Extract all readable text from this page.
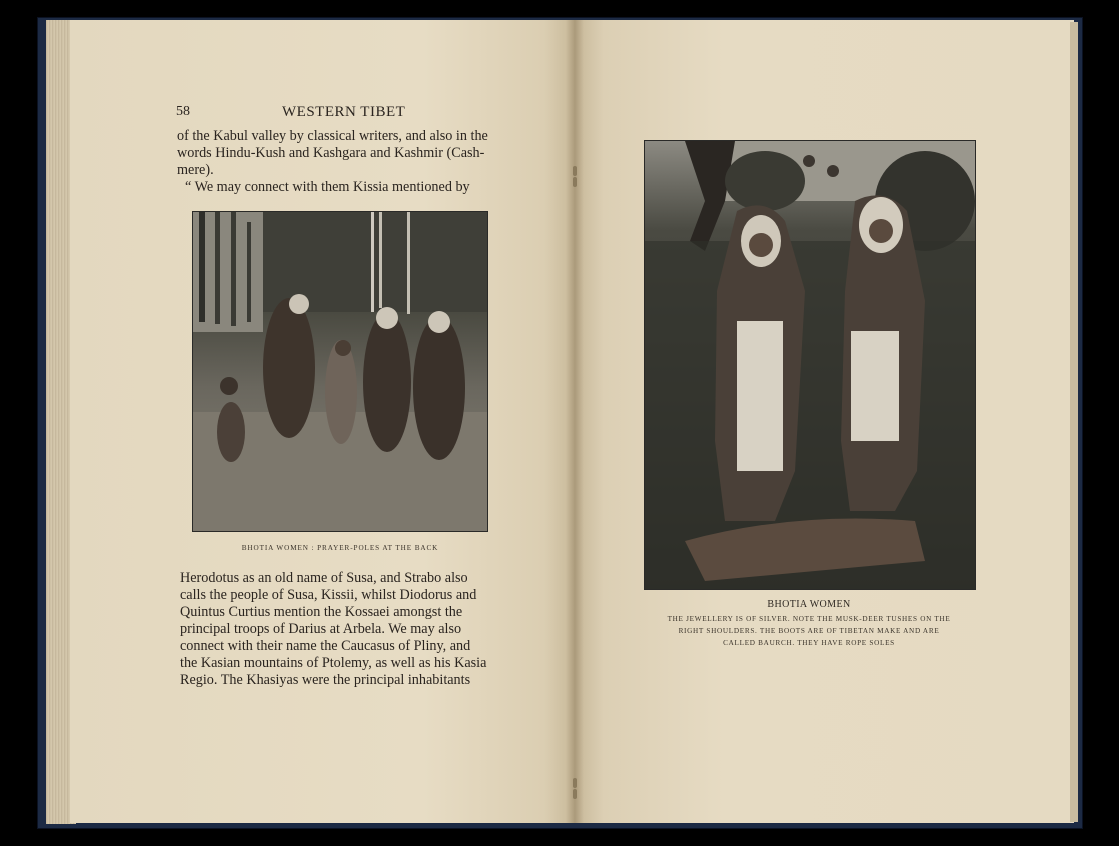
58	WESTERN TIBET
of the Kabul valley by classical writers, and also in the
words Hindu-Kush and Kashgara and Kashmir (Cash-
mere).
“ We may connect with them Kissia mentioned by
BHOTIA WOMEN : PRAYER-POLES AT THE BACK
Herodotus as an old name of Susa, and Strabo also
calls the people of Susa, Kissii, whilst Diodorus and
Quintus Curtius mention the Kossaei amongst the
principal troops of Darius at Arbela. We may also
connect with their name the Caucasus of Pliny, and
the Kasian mountains of Ptolemy, as well as his Kasia
Regio. The Khasiyas were the principal inhabitants
BHOTIA WOMEN
THE JEWELLERY IS OF SILVER. NOTE THE MUSK-DEER TUSHES ON THE
RIGHT SHOULDERS. THE BOOTS ARE OF TIBETAN MAKE AND ARE
CALLED BAURCH. THEY HAVE ROPE SOLES
